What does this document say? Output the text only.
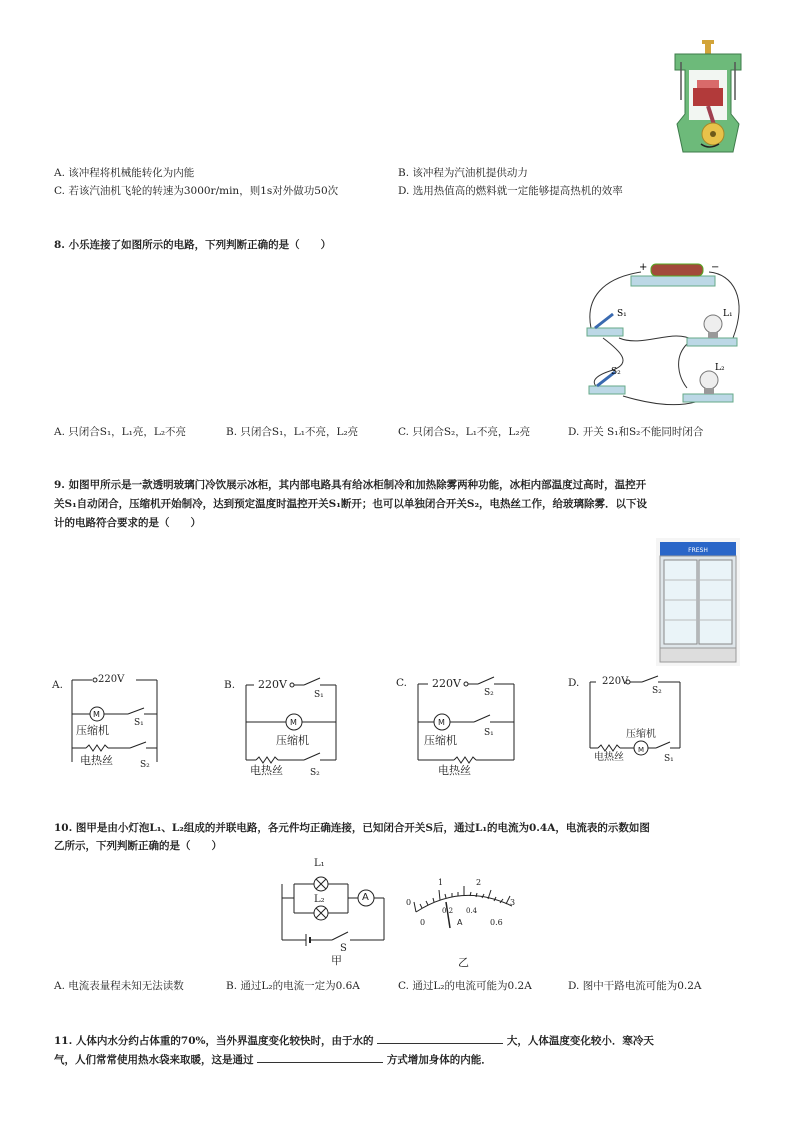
A. 该冲程将机械能转化为内能	B. 该冲程为汽油机提供动力
C. 若该汽油机飞轮的转速为3000r/min，则1s对外做功50次	D. 选用热值高的燃料就一定能够提高热机的效率
8. 小乐连接了如图所示的电路，下列判断正确的是（　　）
+	−
S₁
S₂
L₁
L₂
A. 只闭合S₁，L₁亮，L₂不亮	B. 只闭合S₁，L₁不亮，L₂亮	C. 只闭合S₂，L₁不亮，L₂亮	D. 开关 S₁和S₂不能同时闭合
9. 如图甲所示是一款透明玻璃门冷饮展示冰柜，其内部电路具有给冰柜制冷和加热除雾两种功能，冰柜内部温度过高时，温控开
关S₁自动闭合，压缩机开始制冷，达到预定温度时温控开关S₁断开；也可以单独闭合开关S₂，电热丝工作，给玻璃除雾．以下设
计的电路符合要求的是（　　）
FRESH
A.	220V
M
S₁
压缩机
电热丝	S₂
B. 220V
M
S₁
压缩机
电热丝	S₂
C. 220V
M
S₂
压缩机
S₁
电热丝
D. 220V
S₂
压缩机
M
电热丝	S₁
10. 图甲是由小灯泡L₁、L₂组成的并联电路，各元件均正确连接，已知闭合开关S后，通过L₁的电流为0.4A，电流表的示数如图
乙所示，下列判断正确的是（　　）
L₁
L₂	A
S
甲
0
1	2
3
0
0.2 0.4
0.6
A
乙
A. 电流表量程未知无法读数	B. 通过L₂的电流一定为0.6A	C. 通过L₂的电流可能为0.2A	D. 图中干路电流可能为0.2A
11. 人体内水分约占体重的70%，当外界温度变化较快时，由于水的	大，人体温度变化较小．寒冷天
气，人们常常使用热水袋来取暖，这是通过	方式增加身体的内能．
